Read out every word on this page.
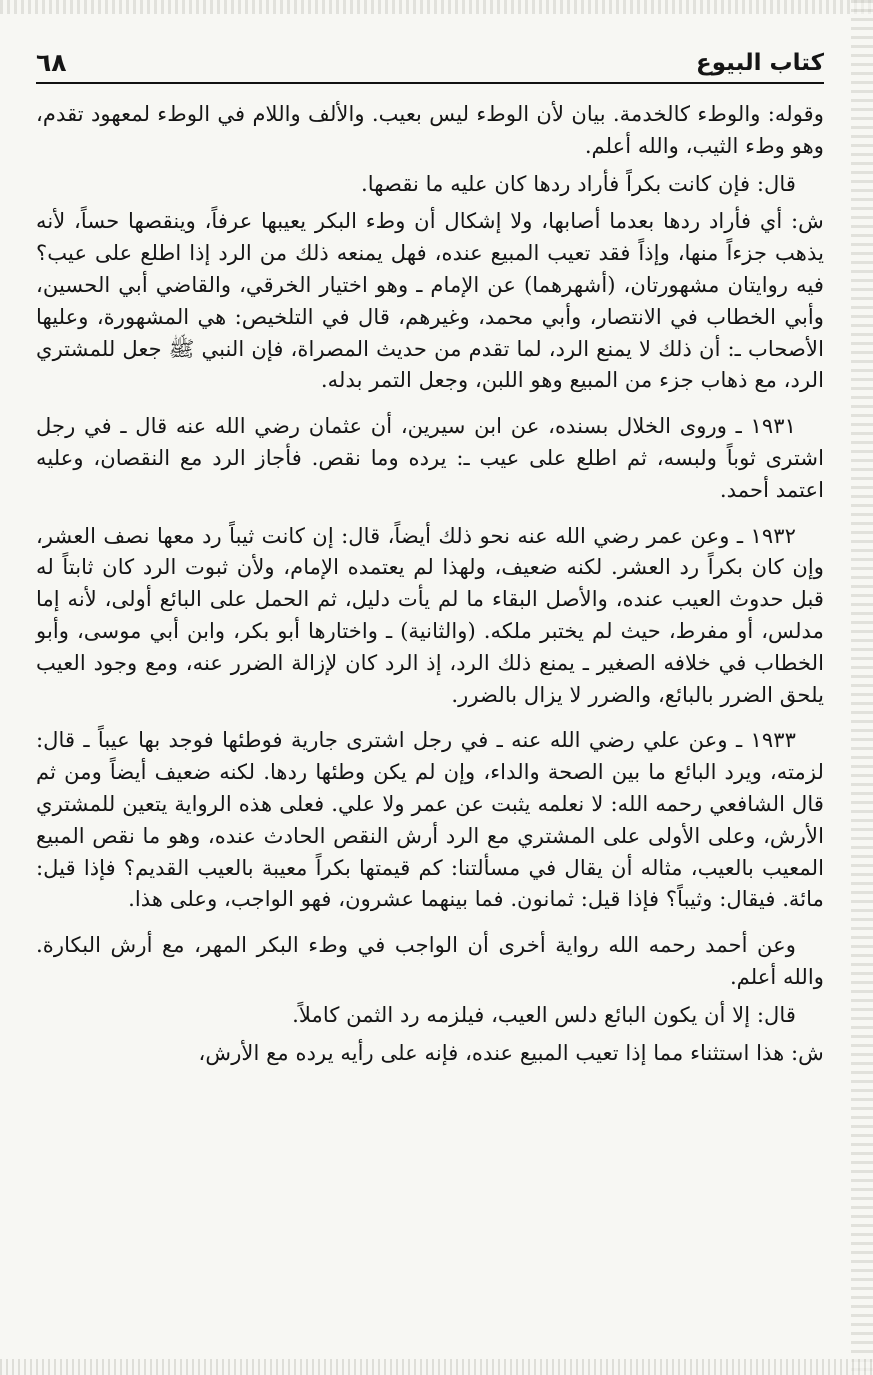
كتاب البيوع
٦٨

وقوله: والوطء كالخدمة. بيان لأن الوطء ليس بعيب. والألف واللام في الوطء لمعهود تقدم، وهو وطء الثيب، والله أعلم.

قال: فإن كانت بكراً فأراد ردها كان عليه ما نقصها.

ش: أي فأراد ردها بعدما أصابها، ولا إشكال أن وطء البكر يعيبها عرفاً، وينقصها حساً، لأنه يذهب جزءاً منها، وإذاً فقد تعيب المبيع عنده، فهل يمنعه ذلك من الرد إذا اطلع على عيب؟ فيه روايتان مشهورتان، (أشهرهما) عن الإمام ـ وهو اختيار الخرقي، والقاضي أبي الحسين، وأبي الخطاب في الانتصار، وأبي محمد، وغيرهم، قال في التلخيص: هي المشهورة، وعليها الأصحاب ـ: أن ذلك لا يمنع الرد، لما تقدم من حديث المصراة، فإن النبي ﷺ جعل للمشتري الرد، مع ذهاب جزء من المبيع وهو اللبن، وجعل التمر بدله.

١٩٣١ ـ وروى الخلال بسنده، عن ابن سيرين، أن عثمان رضي الله عنه قال ـ في رجل اشترى ثوباً ولبسه، ثم اطلع على عيب ـ: يرده وما نقص. فأجاز الرد مع النقصان، وعليه اعتمد أحمد.

١٩٣٢ ـ وعن عمر رضي الله عنه نحو ذلك أيضاً، قال: إن كانت ثيباً رد معها نصف العشر، وإن كان بكراً رد العشر. لكنه ضعيف، ولهذا لم يعتمده الإمام، ولأن ثبوت الرد كان ثابتاً له قبل حدوث العيب عنده، والأصل البقاء ما لم يأت دليل، ثم الحمل على البائع أولى، لأنه إما مدلس، أو مفرط، حيث لم يختبر ملكه. (والثانية) ـ واختارها أبو بكر، وابن أبي موسى، وأبو الخطاب في خلافه الصغير ـ يمنع ذلك الرد، إذ الرد كان لإزالة الضرر عنه، ومع وجود العيب يلحق الضرر بالبائع، والضرر لا يزال بالضرر.

١٩٣٣ ـ وعن علي رضي الله عنه ـ في رجل اشترى جارية فوطئها فوجد بها عيباً ـ قال: لزمته، ويرد البائع ما بين الصحة والداء، وإن لم يكن وطئها ردها. لكنه ضعيف أيضاً ومن ثم قال الشافعي رحمه الله: لا نعلمه يثبت عن عمر ولا علي. فعلى هذه الرواية يتعين للمشتري الأرش، وعلى الأولى على المشتري مع الرد أرش النقص الحادث عنده، وهو ما نقص المبيع المعيب بالعيب، مثاله أن يقال في مسألتنا: كم قيمتها بكراً معيبة بالعيب القديم؟ فإذا قيل: مائة. فيقال: وثيباً؟ فإذا قيل: ثمانون. فما بينهما عشرون، فهو الواجب، وعلى هذا.

وعن أحمد رحمه الله رواية أخرى أن الواجب في وطء البكر المهر، مع أرش البكارة. والله أعلم.

قال: إلا أن يكون البائع دلس العيب، فيلزمه رد الثمن كاملاً.

ش: هذا استثناء مما إذا تعيب المبيع عنده، فإنه على رأيه يرده مع الأرش،
